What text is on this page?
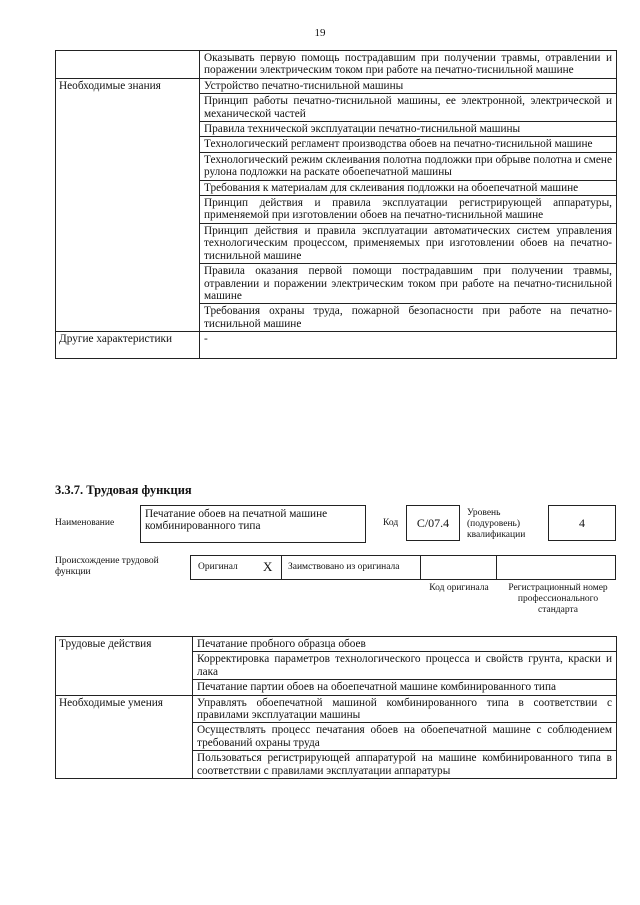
19
	Оказывать первую помощь пострадавшим при получении травмы, отравлении и поражении электрическим током при работе на печатно-тиснильной машине
Необходимые знания	Устройство печатно-тиснильной машины
	Принцип работы печатно-тиснильной машины, ее электронной, электрической и механической частей
	Правила технической эксплуатации печатно-тиснильной машины
	Технологический регламент производства обоев на печатно-тиснильной машине
	Технологический режим склеивания полотна подложки при обрыве полотна и смене рулона подложки на раскате обоепечатной машины
	Требования к материалам для склеивания подложки на обоепечатной машине
	Принцип действия и правила эксплуатации регистрирующей аппаратуры, применяемой при изготовлении обоев на печатно-тиснильной машине
	Принцип действия и правила эксплуатации автоматических систем управления технологическим процессом, применяемых при изготовлении обоев на печатно-тиснильной машине
	Правила оказания первой помощи пострадавшим при получении травмы, отравлении и поражении электрическим током при работе на печатно-тиснильной машине
	Требования охраны труда, пожарной безопасности при работе на печатно-тиснильной машине
Другие характеристики	-
3.3.7. Трудовая функция
Наименование
Печатание обоев на печатной машине комбинированного типа	Код	С/07.4
Уровень (подуровень) квалификации
4
Происхождение трудовой функции	Оригинал X Заимствовано из оригинала
Код оригинала	Регистрационный номер профессионального стандарта
Трудовые действия	Печатание пробного образца обоев
	Корректировка параметров технологического процесса и свойств грунта, краски и лака
	Печатание партии обоев на обоепечатной машине комбинированного типа
Необходимые умения	Управлять обоепечатной машиной комбинированного типа в соответствии с правилами эксплуатации машины
	Осуществлять процесс печатания обоев на обоепечатной машине с соблюдением требований охраны труда
	Пользоваться регистрирующей аппаратурой на машине комбинированного типа в соответствии с правилами эксплуатации аппаратуры
